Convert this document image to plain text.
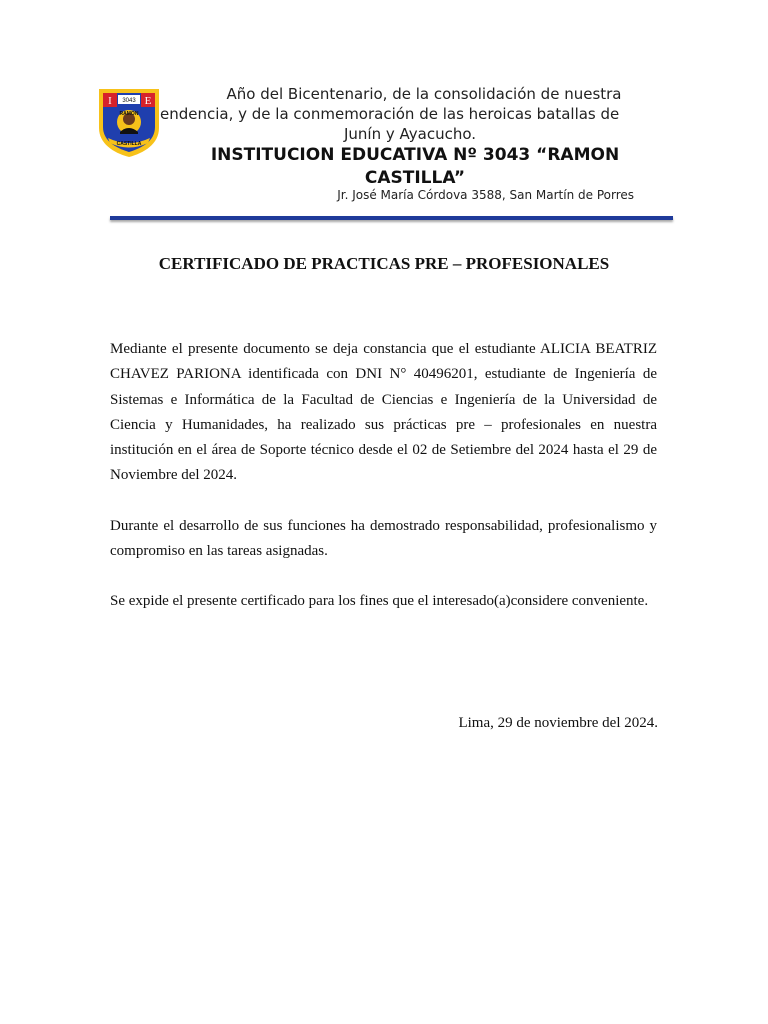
I	E
3043
RAMON
CASTILLA
Año del Bicentenario, de la consolidación de nuestra
endencia, y de la conmemoración de las heroicas batallas de
Junín y Ayacucho.
INSTITUCION EDUCATIVA Nº 3043 “RAMON CASTILLA”
Jr. José María Córdova 3588, San Martín de Porres
CERTIFICADO DE PRACTICAS PRE – PROFESIONALES

Mediante el presente documento se deja constancia que el estudiante ALICIA BEATRIZ CHAVEZ PARIONA identificada con DNI N° 40496201, estudiante de Ingeniería de Sistemas e Informática de la Facultad de Ciencias e Ingeniería de la Universidad de Ciencia y Humanidades, ha realizado sus prácticas pre – profesionales en nuestra institución en el área de Soporte técnico desde el 02 de Setiembre del 2024 hasta el 29 de Noviembre del 2024.

Durante el desarrollo de sus funciones ha demostrado responsabilidad, profesionalismo y compromiso en las tareas asignadas.

Se expide el presente certificado para los fines que el interesado(a)considere conveniente.

Lima, 29 de noviembre del 2024.
